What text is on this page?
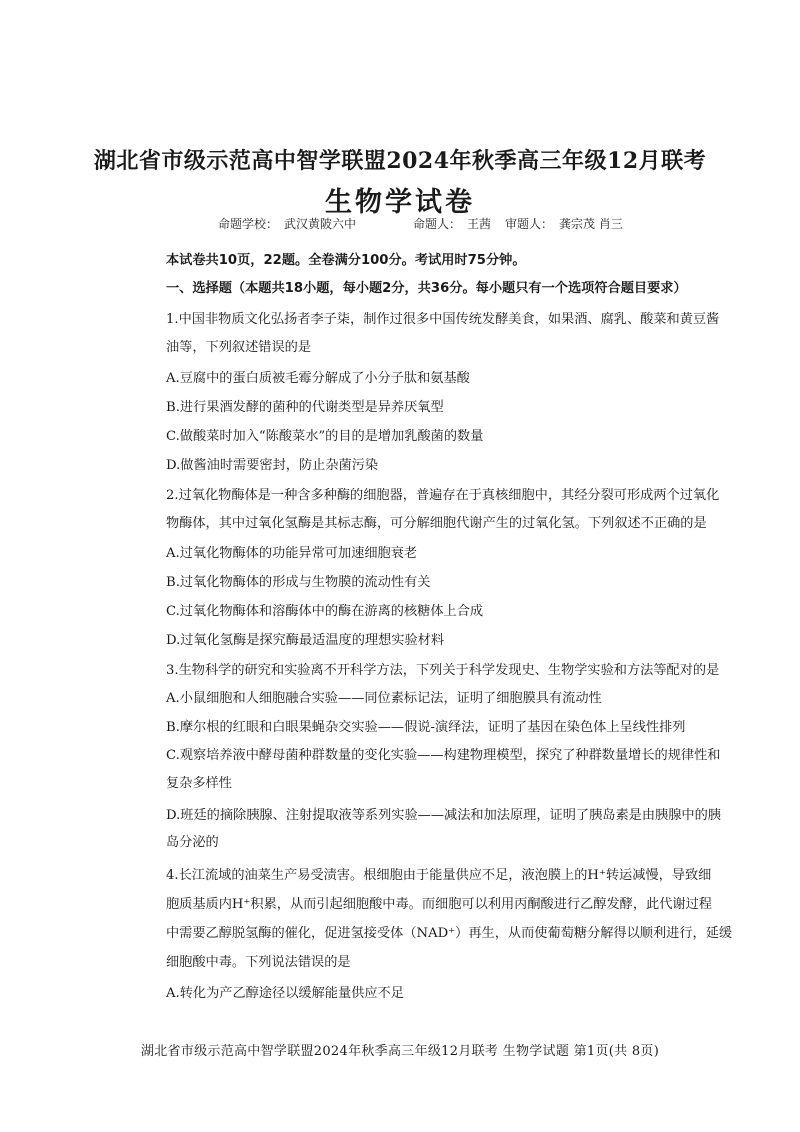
湖北省市级示范高中智学联盟2024年秋季高三年级12月联考
生物学试卷
命题学校： 武汉黄陂六中	命题人： 王茜 审题人： 龚宗茂 肖三
本试卷共10页，22题。全卷满分100分。考试用时75分钟。
一、选择题（本题共18小题，每小题2分，共36分。每小题只有一个选项符合题目要求）
1.中国非物质文化弘扬者李子柒，制作过很多中国传统发酵美食，如果酒、腐乳、酸菜和黄豆酱
油等，下列叙述错误的是
A.豆腐中的蛋白质被毛霉分解成了小分子肽和氨基酸
B.进行果酒发酵的菌种的代谢类型是异养厌氧型
C.做酸菜时加入“陈酸菜水”的目的是增加乳酸菌的数量
D.做酱油时需要密封，防止杂菌污染
2.过氧化物酶体是一种含多种酶的细胞器，普遍存在于真核细胞中，其经分裂可形成两个过氧化
物酶体，其中过氧化氢酶是其标志酶，可分解细胞代谢产生的过氧化氢。下列叙述不正确的是
A.过氧化物酶体的功能异常可加速细胞衰老
B.过氧化物酶体的形成与生物膜的流动性有关
C.过氧化物酶体和溶酶体中的酶在游离的核糖体上合成
D.过氧化氢酶是探究酶最适温度的理想实验材料
3.生物科学的研究和实验离不开科学方法，下列关于科学发现史、生物学实验和方法等配对的是
A.小鼠细胞和人细胞融合实验——同位素标记法，证明了细胞膜具有流动性
B.摩尔根的红眼和白眼果蝇杂交实验——假说-演绎法，证明了基因在染色体上呈线性排列
C.观察培养液中酵母菌种群数量的变化实验——构建物理模型，探究了种群数量增长的规律性和
复杂多样性
D.班廷的摘除胰腺、注射提取液等系列实验——减法和加法原理，证明了胰岛素是由胰腺中的胰
岛分泌的
4.长江流域的油菜生产易受渍害。根细胞由于能量供应不足，液泡膜上的H⁺转运减慢，导致细
胞质基质内H⁺积累，从而引起细胞酸中毒。而细胞可以利用丙酮酸进行乙醇发酵，此代谢过程
中需要乙醇脱氢酶的催化，促进氢接受体（NAD⁺）再生，从而使葡萄糖分解得以顺利进行，延缓
细胞酸中毒。下列说法错误的是
A.转化为产乙醇途径以缓解能量供应不足
湖北省市级示范高中智学联盟2024年秋季高三年级12月联考 生物学试题 第1页(共 8页)
